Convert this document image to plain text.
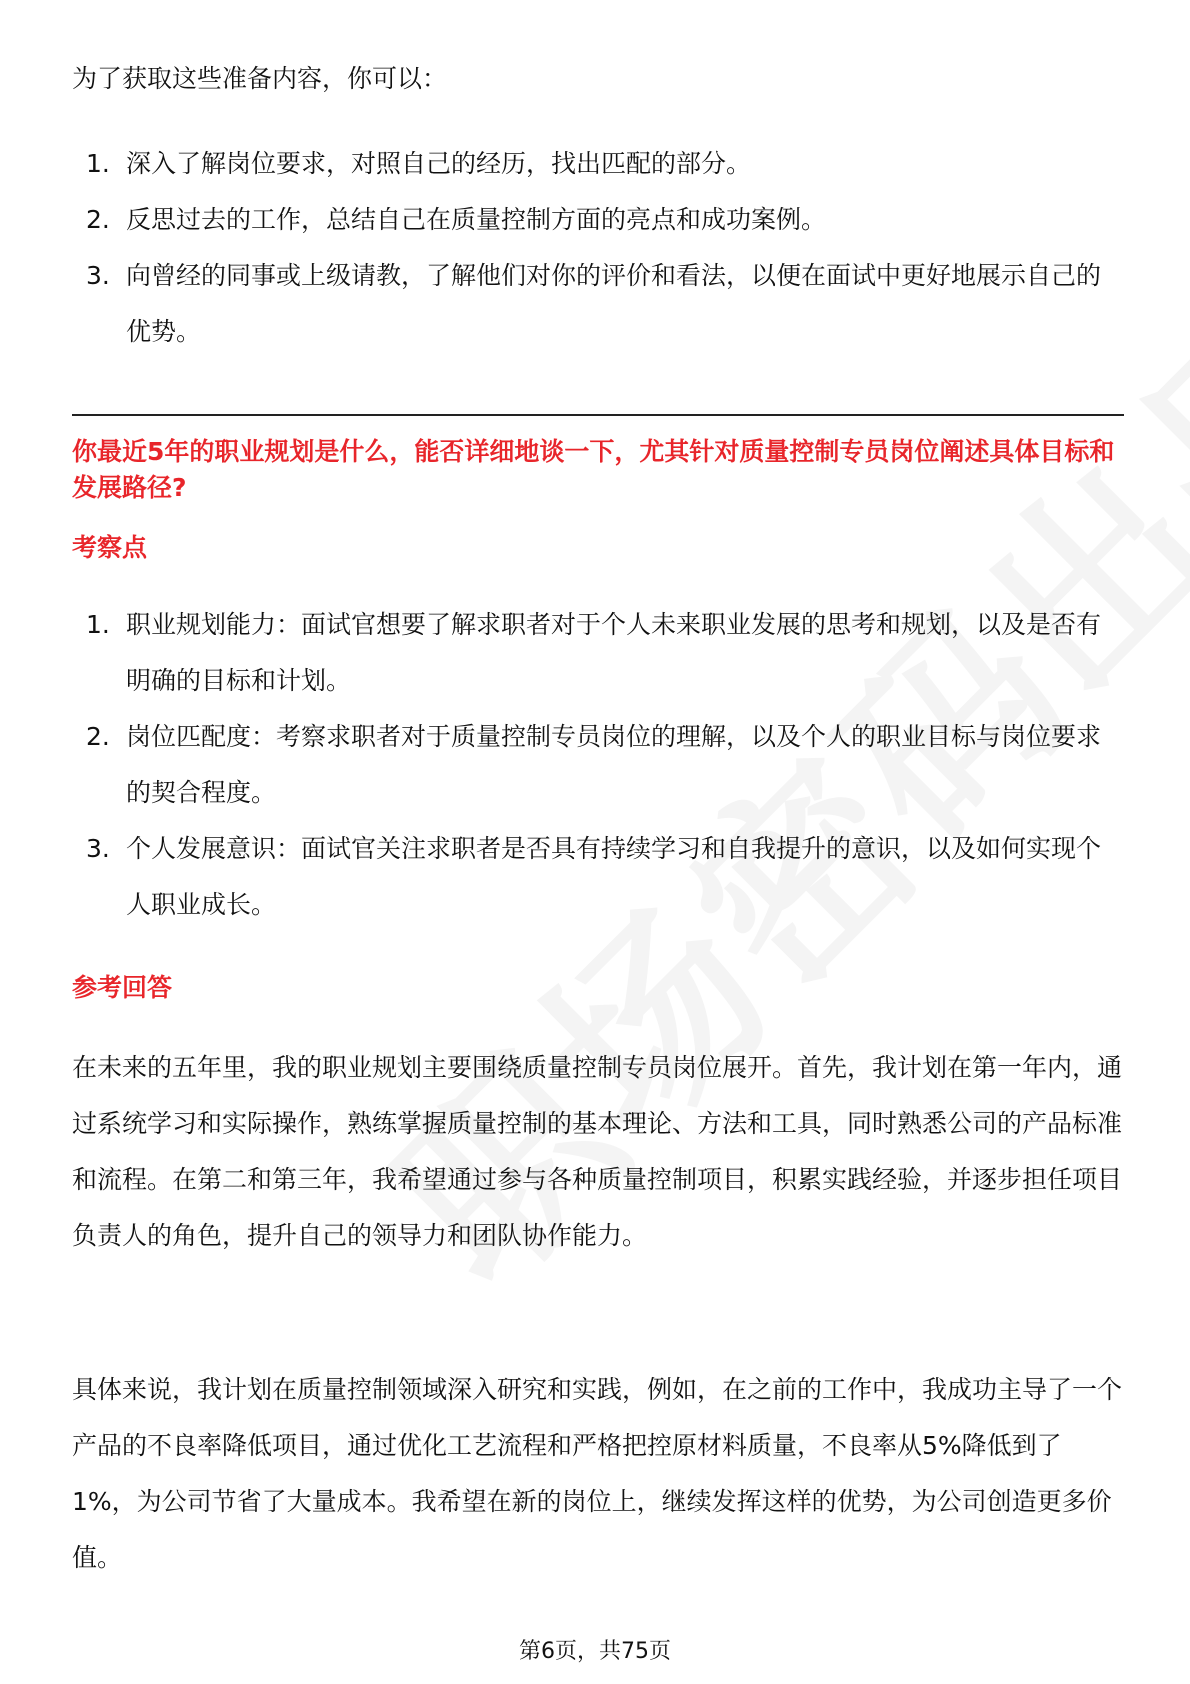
为了获取这些准备内容，你可以：
1. 深入了解岗位要求，对照自己的经历，找出匹配的部分。
2. 反思过去的工作，总结自己在质量控制方面的亮点和成功案例。
3. 向曾经的同事或上级请教，了解他们对你的评价和看法，以便在面试中更好地展示自己的优势。
你最近5年的职业规划是什么，能否详细地谈一下，尤其针对质量控制专员岗位阐述具体目标和发展路径?
考察点
1. 职业规划能力：面试官想要了解求职者对于个人未来职业发展的思考和规划，以及是否有明确的目标和计划。
2. 岗位匹配度：考察求职者对于质量控制专员岗位的理解，以及个人的职业目标与岗位要求的契合程度。
3. 个人发展意识：面试官关注求职者是否具有持续学习和自我提升的意识，以及如何实现个人职业成长。
参考回答

在未来的五年里，我的职业规划主要围绕质量控制专员岗位展开。首先，我计划在第一年内，通过系统学习和实际操作，熟练掌握质量控制的基本理论、方法和工具，同时熟悉公司的产品标准和流程。在第二和第三年，我希望通过参与各种质量控制项目，积累实践经验，并逐步担任项目负责人的角色，提升自己的领导力和团队协作能力。

具体来说，我计划在质量控制领域深入研究和实践，例如，在之前的工作中，我成功主导了一个产品的不良率降低项目，通过优化工艺流程和严格把控原材料质量，不良率从5%降低到了1%，为公司节省了大量成本。我希望在新的岗位上，继续发挥这样的优势，为公司创造更多价值。

第6页，共75页
